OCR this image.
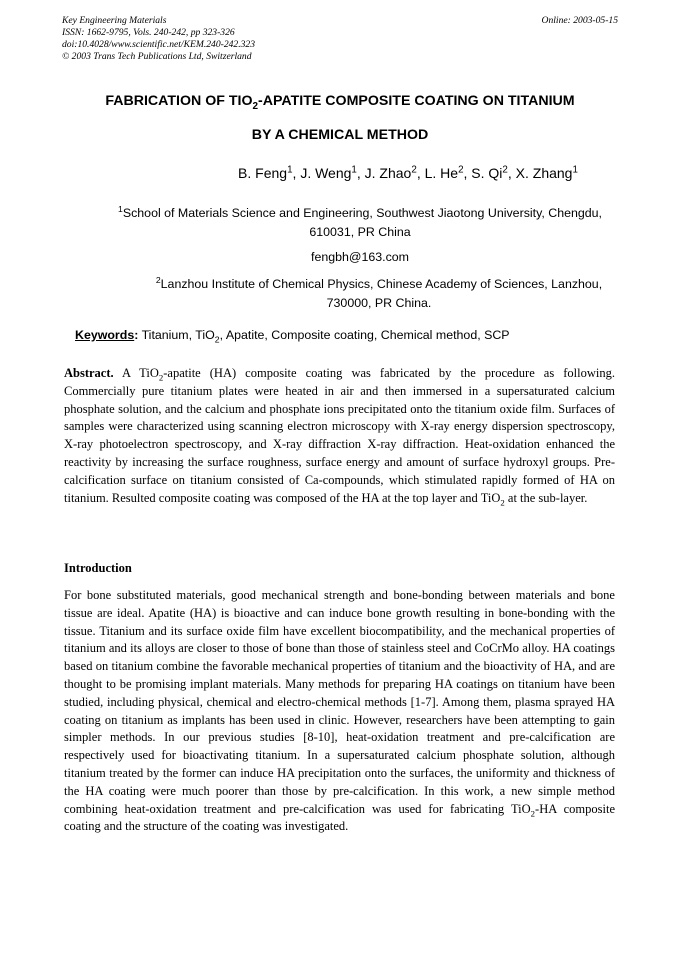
Key Engineering Materials
ISSN: 1662-9795, Vols. 240-242, pp 323-326
doi:10.4028/www.scientific.net/KEM.240-242.323
© 2003 Trans Tech Publications Ltd, Switzerland
Online: 2003-05-15
FABRICATION OF $TIO_2$-APATITE COMPOSITE COATING ON TITANIUM
BY A CHEMICAL METHOD
B. Feng$^1$, J. Weng$^1$, J. Zhao$^2$, L. He$^2$, S. Qi$^2$, X. Zhang$^1$
$^1$School of Materials Science and Engineering, Southwest Jiaotong University, Chengdu, 610031, PR China
fengbh@163.com
$^2$Lanzhou Institute of Chemical Physics, Chinese Academy of Sciences, Lanzhou, 730000, PR China.
Keywords: Titanium, TiO$_2$, Apatite, Composite coating, Chemical method, SCP
Abstract. A TiO$_2$-apatite (HA) composite coating was fabricated by the procedure as following. Commercially pure titanium plates were heated in air and then immersed in a supersaturated calcium phosphate solution, and the calcium and phosphate ions precipitated onto the titanium oxide film. Surfaces of samples were characterized using scanning electron microscopy with X-ray energy dispersion spectroscopy, X-ray photoelectron spectroscopy, and X-ray diffraction X-ray diffraction. Heat-oxidation enhanced the reactivity by increasing the surface roughness, surface energy and amount of surface hydroxyl groups. Pre-calcification surface on titanium consisted of Ca-compounds, which stimulated rapidly formed of HA on titanium. Resulted composite coating was composed of the HA at the top layer and TiO$_2$ at the sub-layer.
Introduction
For bone substituted materials, good mechanical strength and bone-bonding between materials and bone tissue are ideal. Apatite (HA) is bioactive and can induce bone growth resulting in bone-bonding with the tissue. Titanium and its surface oxide film have excellent biocompatibility, and the mechanical properties of titanium and its alloys are closer to those of bone than those of stainless steel and CoCrMo alloy. HA coatings based on titanium combine the favorable mechanical properties of titanium and the bioactivity of HA, and are thought to be promising implant materials. Many methods for preparing HA coatings on titanium have been studied, including physical, chemical and electro-chemical methods [1-7]. Among them, plasma sprayed HA coating on titanium as implants has been used in clinic. However, researchers have been attempting to gain simpler methods. In our previous studies [8-10], heat-oxidation treatment and pre-calcification are respectively used for bioactivating titanium. In a supersaturated calcium phosphate solution, although titanium treated by the former can induce HA precipitation onto the surfaces, the uniformity and thickness of the HA coating were much poorer than those by pre-calcification. In this work, a new simple method combining heat-oxidation treatment and pre-calcification was used for fabricating TiO$_2$-HA composite coating and the structure of the coating was investigated.
